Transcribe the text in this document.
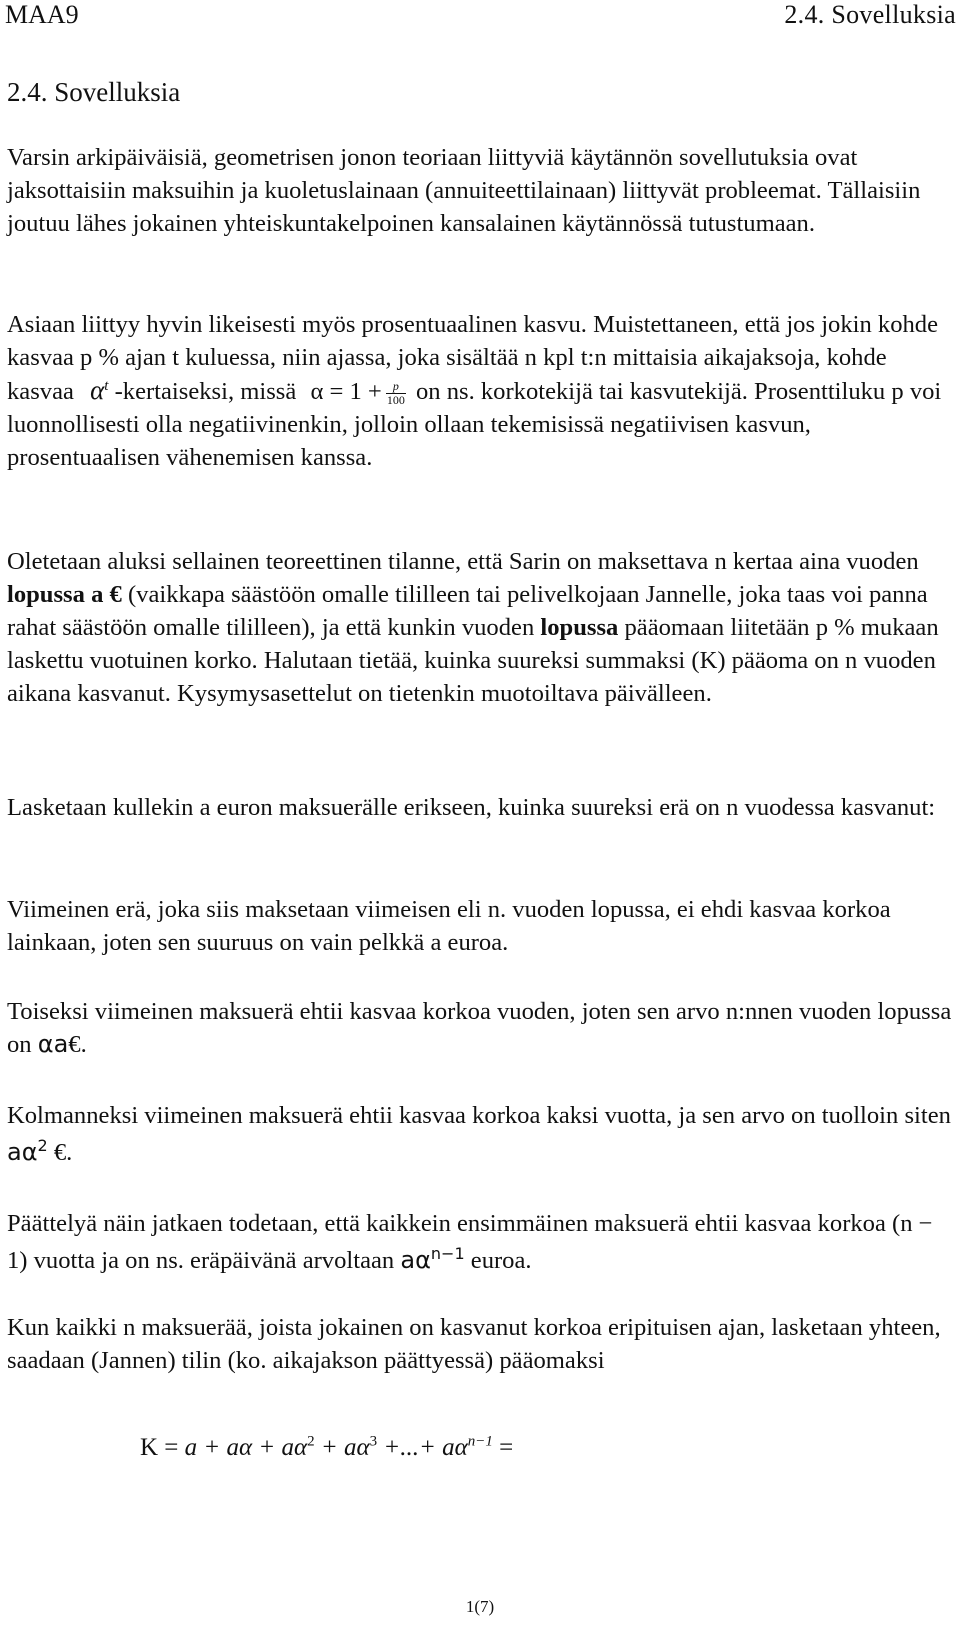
MAA9	2.4. Sovelluksia
2.4. Sovelluksia

Varsin arkipäiväisiä, geometrisen jonon teoriaan liittyviä käytännön sovellutuksia ovat jaksottaisiin maksuihin ja kuoletuslainaan (annuiteettilainaan) liittyvät probleemat. Tällaisiin joutuu lähes jokainen yhteiskuntakelpoinen kansalainen käytännössä tutustumaan.

Asiaan liittyy hyvin likeisesti myös prosentuaalinen kasvu. Muistettaneen, että jos jokin kohde kasvaa p % ajan t kuluessa, niin ajassa, joka sisältää n kpl t:n mittaisia aikajaksoja, kohde kasvaa $\alpha^t$ -kertaiseksi, missä $\alpha = 1 + \frac{p}{100}$ on ns. korkotekijä tai kasvutekijä. Prosenttiluku p voi luonnollisesti olla negatiivinenkin, jolloin ollaan tekemisissä negatiivisen kasvun, prosentuaalisen vähenemisen kanssa.

Oletetaan aluksi sellainen teoreettinen tilanne, että Sarin on maksettava n kertaa aina vuoden lopussa a € (vaikkapa säästöön omalle tililleen tai pelivelkojaan Jannelle, joka taas voi panna rahat säästöön omalle tililleen), ja että kunkin vuoden lopussa pääomaan liitetään p % mukaan laskettu vuotuinen korko. Halutaan tietää, kuinka suureksi summaksi (K) pääoma on n vuoden aikana kasvanut. Kysymysasettelut on tietenkin muotoiltava päivälleen.

Lasketaan kullekin a euron maksuerälle erikseen, kuinka suureksi erä on n vuodessa kasvanut:

Viimeinen erä, joka siis maksetaan viimeisen eli n. vuoden lopussa, ei ehdi kasvaa korkoa lainkaan, joten sen suuruus on vain pelkkä a euroa.

Toiseksi viimeinen maksuerä ehtii kasvaa korkoa vuoden, joten sen arvo n:nnen vuoden lopussa on αa€.

Kolmanneksi viimeinen maksuerä ehtii kasvaa korkoa kaksi vuotta, ja sen arvo on tuolloin siten $a\alpha^2$ €.

Päättelyä näin jatkaen todetaan, että kaikkein ensimmäinen maksuerä ehtii kasvaa korkoa (n − 1) vuotta ja on ns. eräpäivänä arvoltaan $a\alpha^{n-1}$ euroa.

Kun kaikki n maksuerää, joista jokainen on kasvanut korkoa eripituisen ajan, lasketaan yhteen, saadaan (Jannen) tilin (ko. aikajakson päättyessä) pääomaksi

$K = a + a\alpha + a\alpha^2 + a\alpha^3$ +...+ $a\alpha^{n-1}$ =
1(7)
